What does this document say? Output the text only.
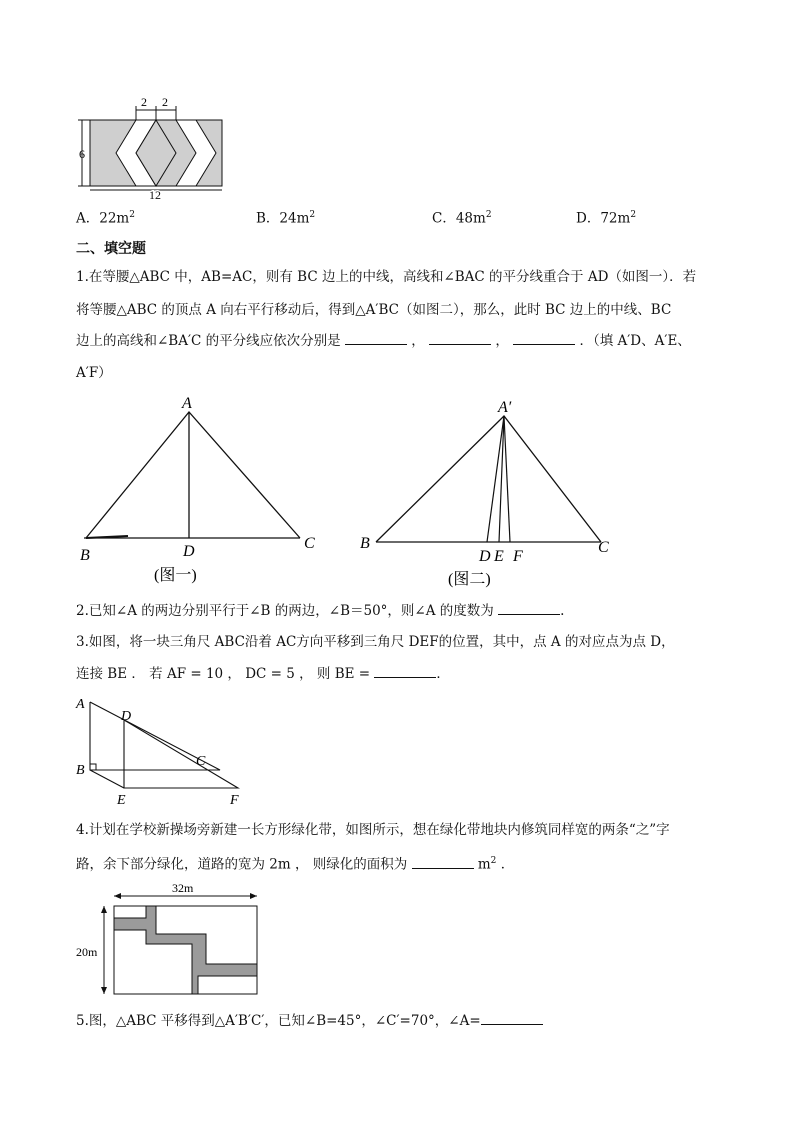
2 2
6
12
A．$22m^2$	B．$24m^2$	C．$48m^2$	D．$72m^2$
二、填空题
1.在等腰△ABC 中，AB=AC，则有 BC 边上的中线，高线和∠BAC 的平分线重合于 AD（如图一）．若
将等腰△ABC 的顶点 A 向右平行移动后，得到△A′BC（如图二），那么，此时 BC 边上的中线、BC
边上的高线和∠BA′C 的平分线应依次分别是	，	，	．（填 A′D、A′E、
A′F）
A
B
C
D
(图一)
A′
B	C
D E F
(图二)
2.已知∠A 的两边分别平行于∠B 的两边，∠B＝50°，则∠A 的度数为	.
3.如图，将一块三角尺 ABC沿着 AC方向平移到三角尺 DEF的位置，其中，点 A 的对应点为点 D，
连接 BE ． 若 AF = 10 ， DC = 5 ， 则 BE =	．
A
B
C
D
E	F
4.计划在学校新操场旁新建一长方形绿化带，如图所示，想在绿化带地块内修筑同样宽的两条“之”字
路，余下部分绿化，道路的宽为 2m ， 则绿化的面积为	$m^2$ ．
32m
20m
5.图，△ABC 平移得到△A′B′C′，已知∠B=45°，∠C′=70°，∠A=
